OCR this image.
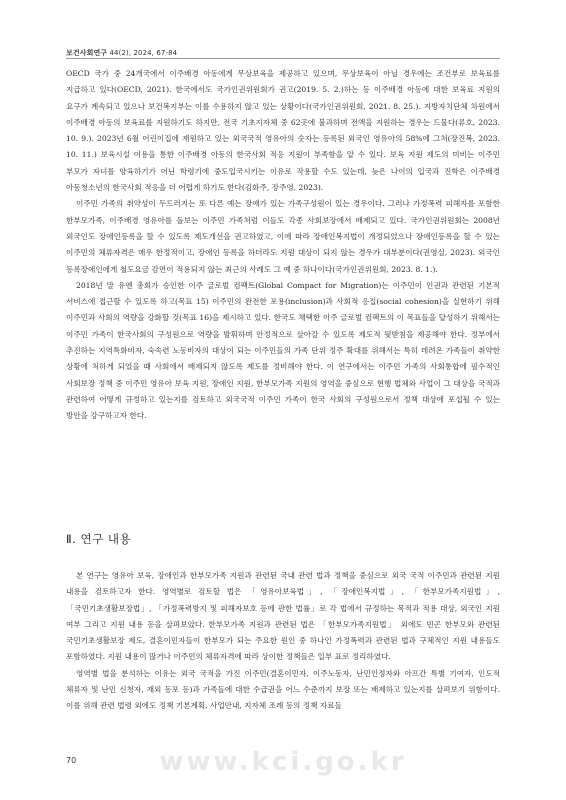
보건사회연구 44(2), 2024, 67-84

OECD 국가 중 24개국에서 이주배경 아동에게 무상보육을 제공하고 있으며, 무상보육이 아닐 경우에는 조건부로 보육료를 지급하고 있다(OECD, 2021). 한국에서도 국가인권위원회가 권고(2019. 5. 2.)하는 등 이주배경 아동에 대한 보육료 지원의 요구가 계속되고 있으나 보건복지부는 이를 수용하지 않고 있는 상황이다(국가인권위원회, 2021. 8. 25.). 지방자치단체 차원에서 이주배경 아동의 보육료를 지원하기도 하지만, 전국 기초지자체 중 62곳에 불과하며 전액을 지원하는 경우는 드물다(류호, 2023. 10. 9.). 2023년 6월 어린이집에 재원하고 있는 외국국적 영유아의 숫자는 등록된 외국인 영유아의 58%에 그쳐(장진복, 2023. 10. 11.) 보육시설 이용을 통한 이주배경 아동의 한국사회 적응 지원이 부족함을 알 수 있다. 보육 지원 제도의 미비는 이주민 부모가 자녀를 양육하기가 어닌 학령기에 중도입국시키는 이유로 작용할 수도 있는데, 늦은 나이의 입국과 진학은 이주배경 아동청소년의 한국사회 적응을 더 어렵게 하기도 한다(김화주, 장주영, 2023).

이주민 가족의 취약성이 두드러지는 또 다른 예는 장애가 있는 가족구성원이 있는 경우이다. 그러나 가정폭력 피해자를 포함한 한부모가족, 이주배경 영유아를 돌보는 이주민 가족처럼 이들도 각종 사회보장에서 배제되고 있다. 국가인권위원회는 2008년 외국인도 장애인등록을 할 수 있도록 제도개선을 권고하였고, 이에 따라 장애인복지법이 개정되었으나 장애인등록을 할 수 있는 이주민의 체류자격은 매우 한정적이고, 장애인 등록을 하더라도 지원 대상이 되지 않는 경우가 대부분이다(권영실, 2023). 외국인 등록장애인에게 철도요금 감면이 적용되지 않는 최근의 사례도 그 예 중 하나이다(국가인권위원회, 2023. 8. 1.).

2018년 말 유엔 총회가 승인한 이주 글로벌 컴팩트(Global Compact for Migration)는 이주민이 인권과 관련된 기본적 서비스에 접근할 수 있도록 하고(목표 15) 이주민의 완전한 포용(inclusion)과 사회적 응집(social cohesion)을 실현하기 위해 이주민과 사회의 역량을 강화할 것(목표 16)을 제시하고 있다. 한국도 채택한 이주 글로벌 컴팩트의 이 목표들을 달성하기 위해서는 이주민 가족이 한국사회의 구성원으로 역량을 발휘하며 안정적으로 살아갈 수 있도록 제도적 뒷받침을 제공해야 한다. 정부에서 추진하는 지역특화비자, 숙속련 노동비자의 대상이 되는 이주민들의 가족 단위 정주 확대를 위해서는 특히 데려온 가족들이 취약한 상황에 처하게 되었을 때 사회에서 배제되지 않도록 제도를 정비해야 한다. 이 연구에서는 이주민 가족의 사회통합에 필수적인 사회보장 정책 중 이주민 영유아 보육 지원, 장애인 지원, 한부모가족 지원의 영역을 중심으로 현행 법체와 사업이 그 대상을 국적과 관련하여 어떻게 규정하고 있는지를 검토하고 외국국적 이주민 가족이 한국 사회의 구성원으로서 정책 대상에 포섭될 수 있는 방안을 강구하고자 한다.

Ⅱ. 연구 내용

본 연구는 영유아 보육, 장애인과 한부모가족 지원과 관련된 국내 관련 법과 정책을 중심으로 외국 국적 이주민과 관련된 지원 내용을 검토하고자 한다. 영역별로 검토할 법은 「영유아보육법」, 「장애인복지법」, 「한부모가족지원법」, 「국민기초생활보장법」, 「가정폭력방지 및 피해자보호 등에 관한 법률」로 각 법에서 규정하는 목적과 적용 대상, 외국인 지원 여부 그리고 지원 내용 등을 살펴보았다. 한부모가족 지원과 관련된 법은 「한부모가족지원법」 외에도 빈곤 한부모와 관련된 국민기초생활보장 제도, 결혼이민자들이 한부모가 되는 주요한 원인 중 하나인 가정폭력과 관련된 법과 구체적인 지원 내용들도 포함하였다. 지원 내용이 많거나 이주민의 체류자격에 따라 상이한 정책들은 일부 표로 정리하였다.

영역별 법을 분석하는 이유는 외국 국적을 가진 이주민(결혼이민자, 이주노동자, 난민인정자와 아프간 특별 기여자, 인도적 체류자 및 난민 신청자, 재외 동포 등)과 가족들에 대한 수급권을 어느 수준까지 보장 또는 배제하고 있는지를 살펴보기 위함이다. 이를 위해 관련 법령 외에도 정책 기본계획, 사업안내, 지자체 조례 등의 정책 자료들

www.kci.go.kr
70
